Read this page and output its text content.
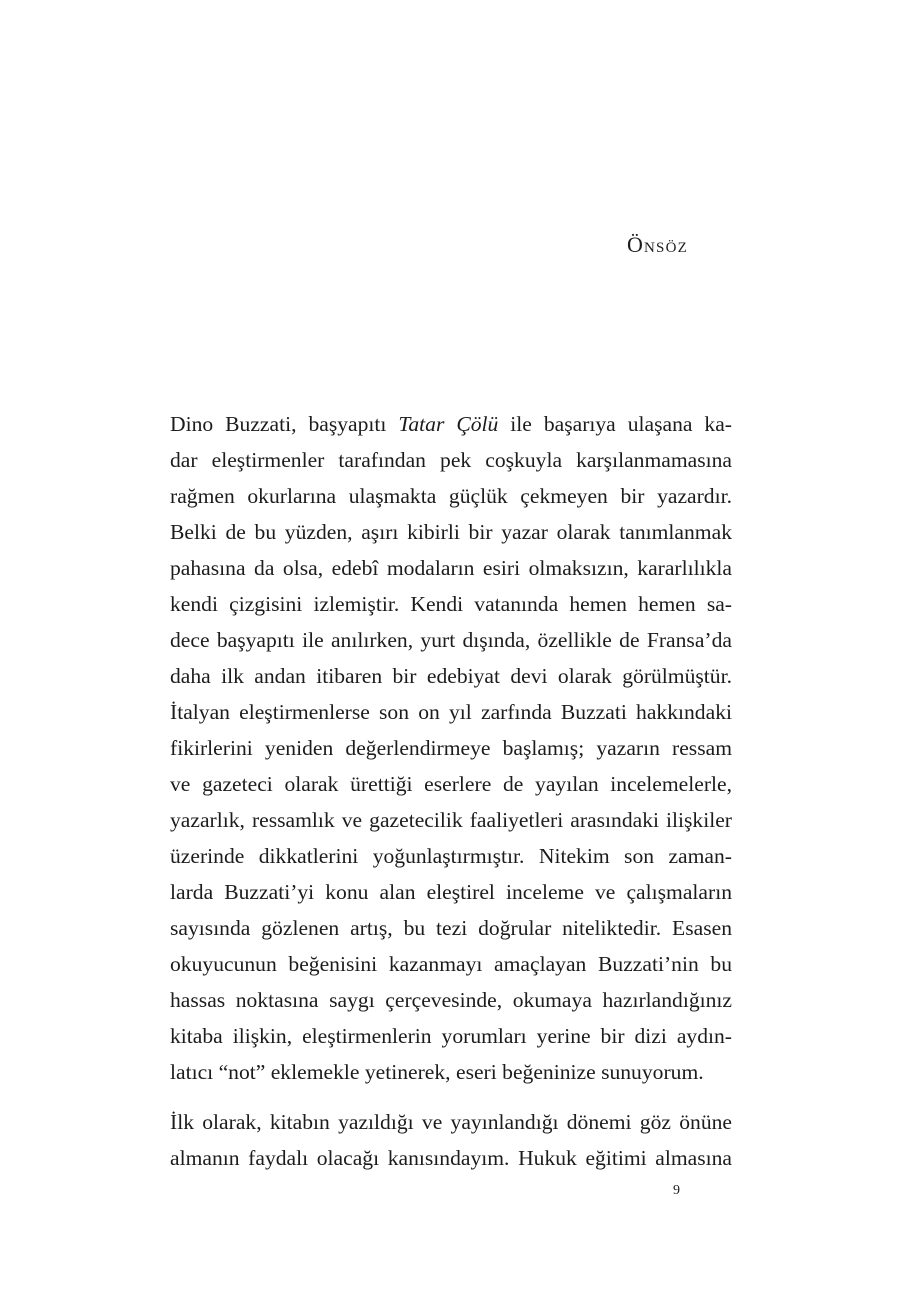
Önsöz

Dino Buzzati, başyapıtı Tatar Çölü ile başarıya ulaşana ka-
dar eleştirmenler tarafından pek coşkuyla karşılanmamasına
rağmen okurlarına ulaşmakta güçlük çekmeyen bir yazardır.
Belki de bu yüzden, aşırı kibirli bir yazar olarak tanımlanmak
pahasına da olsa, edebî modaların esiri olmaksızın, kararlılıkla
kendi çizgisini izlemiştir. Kendi vatanında hemen hemen sa-
dece başyapıtı ile anılırken, yurt dışında, özellikle de Fransa’da
daha ilk andan itibaren bir edebiyat devi olarak görülmüştür.
İtalyan eleştirmenlerse son on yıl zarfında Buzzati hakkındaki
fikirlerini yeniden değerlendirmeye başlamış; yazarın ressam
ve gazeteci olarak ürettiği eserlere de yayılan incelemelerle,
yazarlık, ressamlık ve gazetecilik faaliyetleri arasındaki ilişkiler
üzerinde dikkatlerini yoğunlaştırmıştır. Nitekim son zaman-
larda Buzzati’yi konu alan eleştirel inceleme ve çalışmaların
sayısında gözlenen artış, bu tezi doğrular niteliktedir. Esasen
okuyucunun beğenisini kazanmayı amaçlayan Buzzati’nin bu
hassas noktasına saygı çerçevesinde, okumaya hazırlandığınız
kitaba ilişkin, eleştirmenlerin yorumları yerine bir dizi aydın-
latıcı “not” eklemekle yetinerek, eseri beğeninize sunuyorum.

İlk olarak, kitabın yazıldığı ve yayınlandığı dönemi göz önüne
almanın faydalı olacağı kanısındayım. Hukuk eğitimi almasına

9
